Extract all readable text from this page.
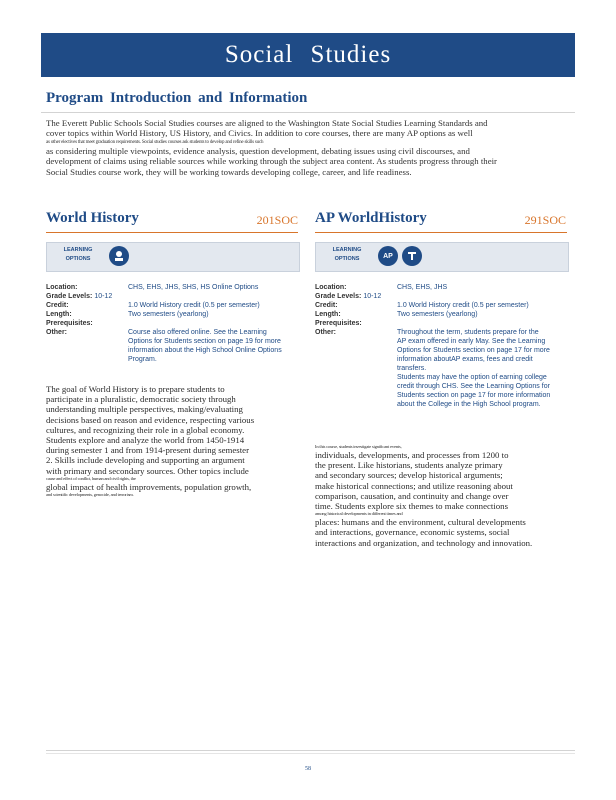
Social Studies
Program Introduction and Information
The Everett Public Schools Social Studies courses are aligned to the Washington State Social Studies Learning Standards and
cover topics within World History, US History, and Civics. In addition to core courses, there are many AP options as well
as other electives that meet graduation requirements. Social studies courses ask students to develop and refine skills such
as considering multiple viewpoints, evidence analysis, question development, debating issues using civil discourses, and
development of claims using reliable sources while working through the subject area content. As students progress through their
Social Studies course work, they will be working towards developing college, career, and life readiness.
World History	201SOC
LEARNING OPTIONS
Location:	CHS, EHS, JHS, SHS, HS Online Options
Grade Levels: 10-12
Credit:	1.0 World History credit (0.5 per semester)
Length:	Two semesters (yearlong)
Prerequisites:
Other:	Course also offered online. See the Learning
Options for Students section on page 19 for more
information about the High School Online Options
Program.
The goal of World History is to prepare students to
participate in a pluralistic, democratic society through
understanding multiple perspectives, making/evaluating
decisions based on reason and evidence, respecting various
cultures, and recognizing their role in a global economy.
Students explore and analyze the world from 1450-1914
during semester 1 and from 1914-present during semester
2. Skills include developing and supporting an argument
with primary and secondary sources. Other topics include
cause and effect of conflict, human and civil rights, the
global impact of health improvements, population growth,
and scientific developments, genocide, and terrorism.
AP WorldHistory	291SOC
LEARNING OPTIONS	AP
Location:	CHS, EHS, JHS
Grade Levels: 10-12
Credit:	1.0 World History credit (0.5 per semester)
Length:	Two semesters (yearlong)
Prerequisites:
Other:	Throughout the term, students prepare for the
AP exam offered in early May. See the Learning
Options for Students section on page 17 for more
information aboutAP exams, fees and credit
transfers.
Students may have the option of earning college
credit through CHS. See the Learning Options for
Students section on page 17 for more information
about the College in the High School program.
In this course, students investigate significant events,
individuals, developments, and processes from 1200 to
the present. Like historians, students analyze primary
and secondary sources; develop historical arguments;
make historical connections; and utilize reasoning about
comparison, causation, and continuity and change over
time. Students explore six themes to make connections
among historical developments in different times and
places: humans and the environment, cultural developments
and interactions, governance, economic systems, social
interactions and organization, and technology and innovation.
58
